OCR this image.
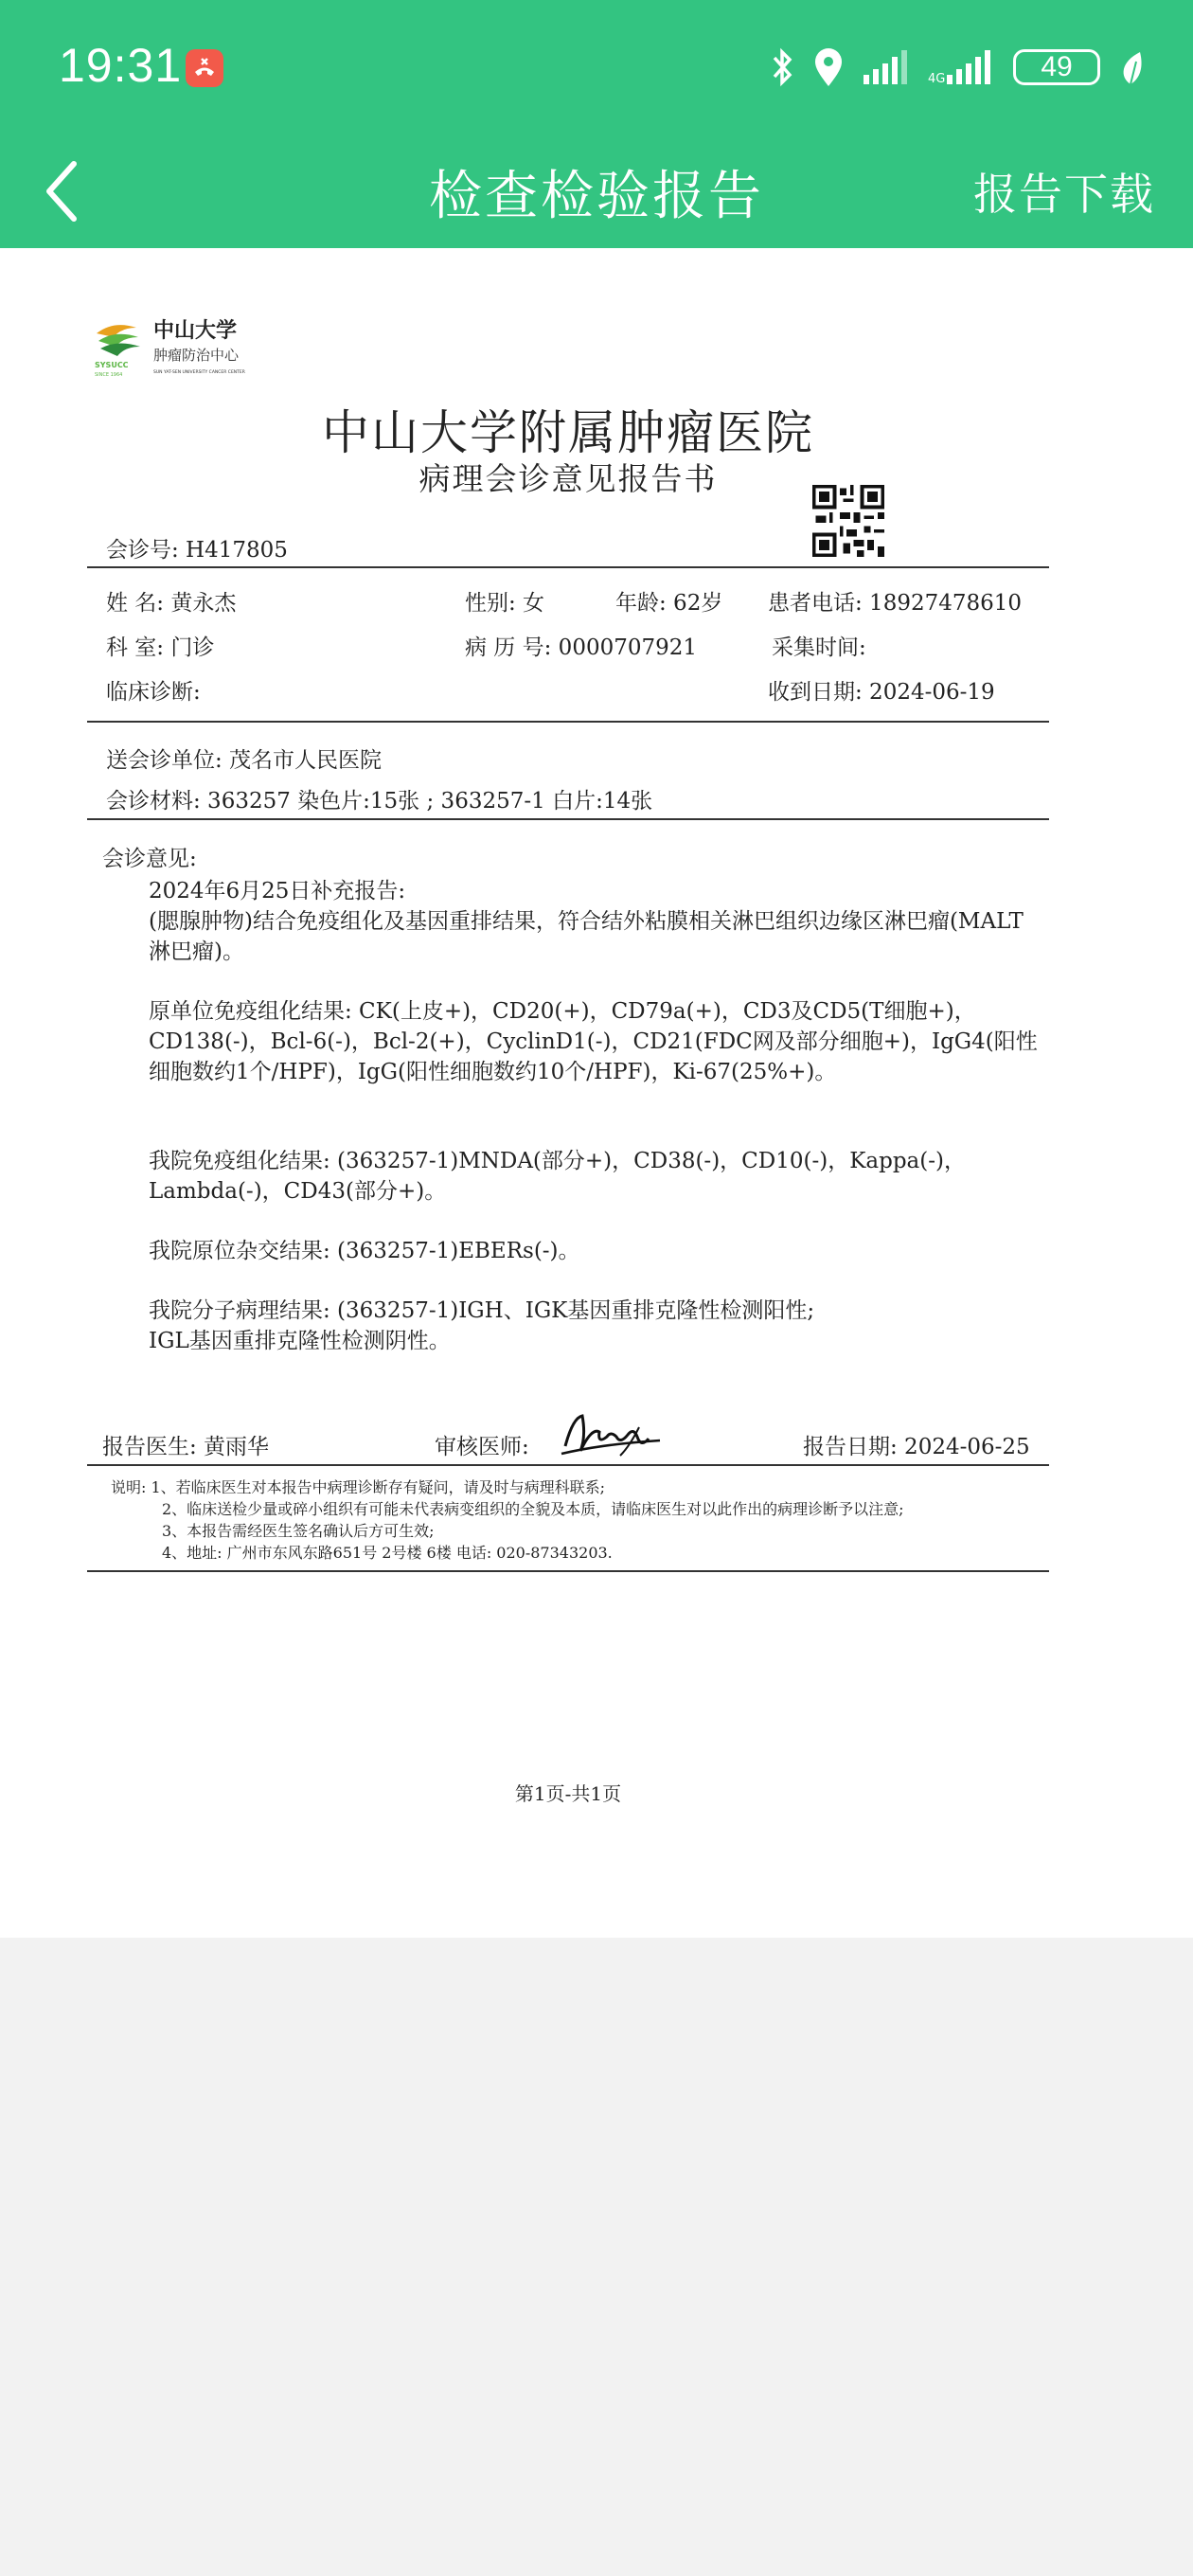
19:31	4G	49
检查检验报告	报告下载
中山大学
肿瘤防治中心
SYSUCC
SINCE 1964	SUN YAT-SEN UNIVERSITY CANCER CENTER
中山大学附属肿瘤医院
病理会诊意见报告书
会诊号: H417805
姓 名: 黄永杰	性别: 女	年龄: 62岁 患者电话: 18927478610
科 室: 门诊	病 历 号: 0000707921	采集时间:
临床诊断:	收到日期: 2024-06-19
送会诊单位: 茂名市人民医院
会诊材料: 363257 染色片:15张 ; 363257-1 白片:14张
会诊意见:
2024年6月25日补充报告:
(腮腺肿物)结合免疫组化及基因重排结果，符合结外粘膜相关淋巴组织边缘区淋巴瘤(MALT淋巴瘤)。
原单位免疫组化结果: CK(上皮+)，CD20(+)，CD79a(+)，CD3及CD5(T细胞+)，CD138(-)，Bcl-6(-)，Bcl-2(+)，CyclinD1(-)，CD21(FDC网及部分细胞+)，IgG4(阳性细胞数约1个/HPF)，IgG(阳性细胞数约10个/HPF)，Ki-67(25%+)。
我院免疫组化结果: (363257-1)MNDA(部分+)，CD38(-)，CD10(-)，Kappa(-)，Lambda(-)，CD43(部分+)。
我院原位杂交结果: (363257-1)EBERs(-)。
我院分子病理结果: (363257-1)IGH、IGK基因重排克隆性检测阳性;
IGL基因重排克隆性检测阴性。
报告医生: 黄雨华	审核医师:	报告日期: 2024-06-25
说明: 1、若临床医生对本报告中病理诊断存有疑问，请及时与病理科联系;
2、临床送检少量或碎小组织有可能未代表病变组织的全貌及本质，请临床医生对以此作出的病理诊断予以注意;
3、本报告需经医生签名确认后方可生效;
4、地址: 广州市东风东路651号 2号楼 6楼 电话: 020-87343203.
第1页-共1页
